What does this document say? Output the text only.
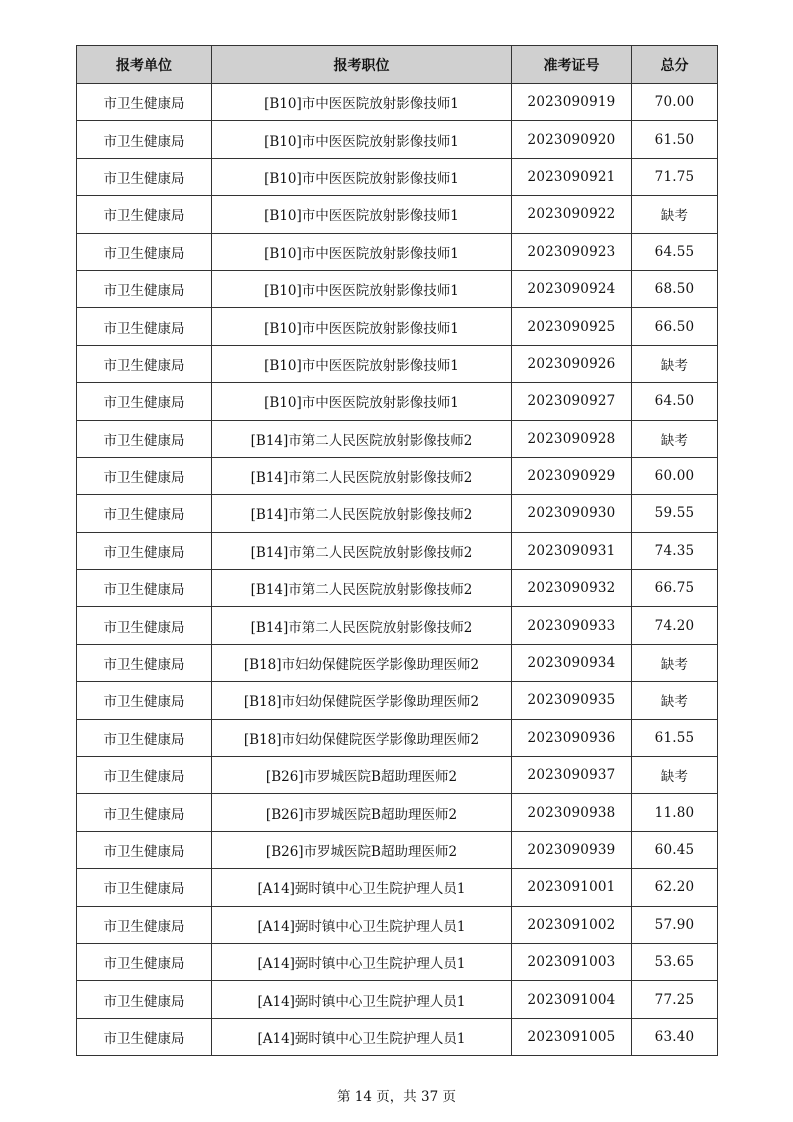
报考单位	报考职位	准考证号	总分
市卫生健康局	[B10]市中医医院放射影像技师1	2023090919	70.00
市卫生健康局	[B10]市中医医院放射影像技师1	2023090920	61.50
市卫生健康局	[B10]市中医医院放射影像技师1	2023090921	71.75
市卫生健康局	[B10]市中医医院放射影像技师1	2023090922	缺考
市卫生健康局	[B10]市中医医院放射影像技师1	2023090923	64.55
市卫生健康局	[B10]市中医医院放射影像技师1	2023090924	68.50
市卫生健康局	[B10]市中医医院放射影像技师1	2023090925	66.50
市卫生健康局	[B10]市中医医院放射影像技师1	2023090926	缺考
市卫生健康局	[B10]市中医医院放射影像技师1	2023090927	64.50
市卫生健康局	[B14]市第二人民医院放射影像技师2	2023090928	缺考
市卫生健康局	[B14]市第二人民医院放射影像技师2	2023090929	60.00
市卫生健康局	[B14]市第二人民医院放射影像技师2	2023090930	59.55
市卫生健康局	[B14]市第二人民医院放射影像技师2	2023090931	74.35
市卫生健康局	[B14]市第二人民医院放射影像技师2	2023090932	66.75
市卫生健康局	[B14]市第二人民医院放射影像技师2	2023090933	74.20
市卫生健康局	[B18]市妇幼保健院医学影像助理医师2	2023090934	缺考
市卫生健康局	[B18]市妇幼保健院医学影像助理医师2	2023090935	缺考
市卫生健康局	[B18]市妇幼保健院医学影像助理医师2	2023090936	61.55
市卫生健康局	[B26]市罗城医院B超助理医师2	2023090937	缺考
市卫生健康局	[B26]市罗城医院B超助理医师2	2023090938	11.80
市卫生健康局	[B26]市罗城医院B超助理医师2	2023090939	60.45
市卫生健康局	[A14]弼时镇中心卫生院护理人员1	2023091001	62.20
市卫生健康局	[A14]弼时镇中心卫生院护理人员1	2023091002	57.90
市卫生健康局	[A14]弼时镇中心卫生院护理人员1	2023091003	53.65
市卫生健康局	[A14]弼时镇中心卫生院护理人员1	2023091004	77.25
市卫生健康局	[A14]弼时镇中心卫生院护理人员1	2023091005	63.40
第 14 页，共 37 页
